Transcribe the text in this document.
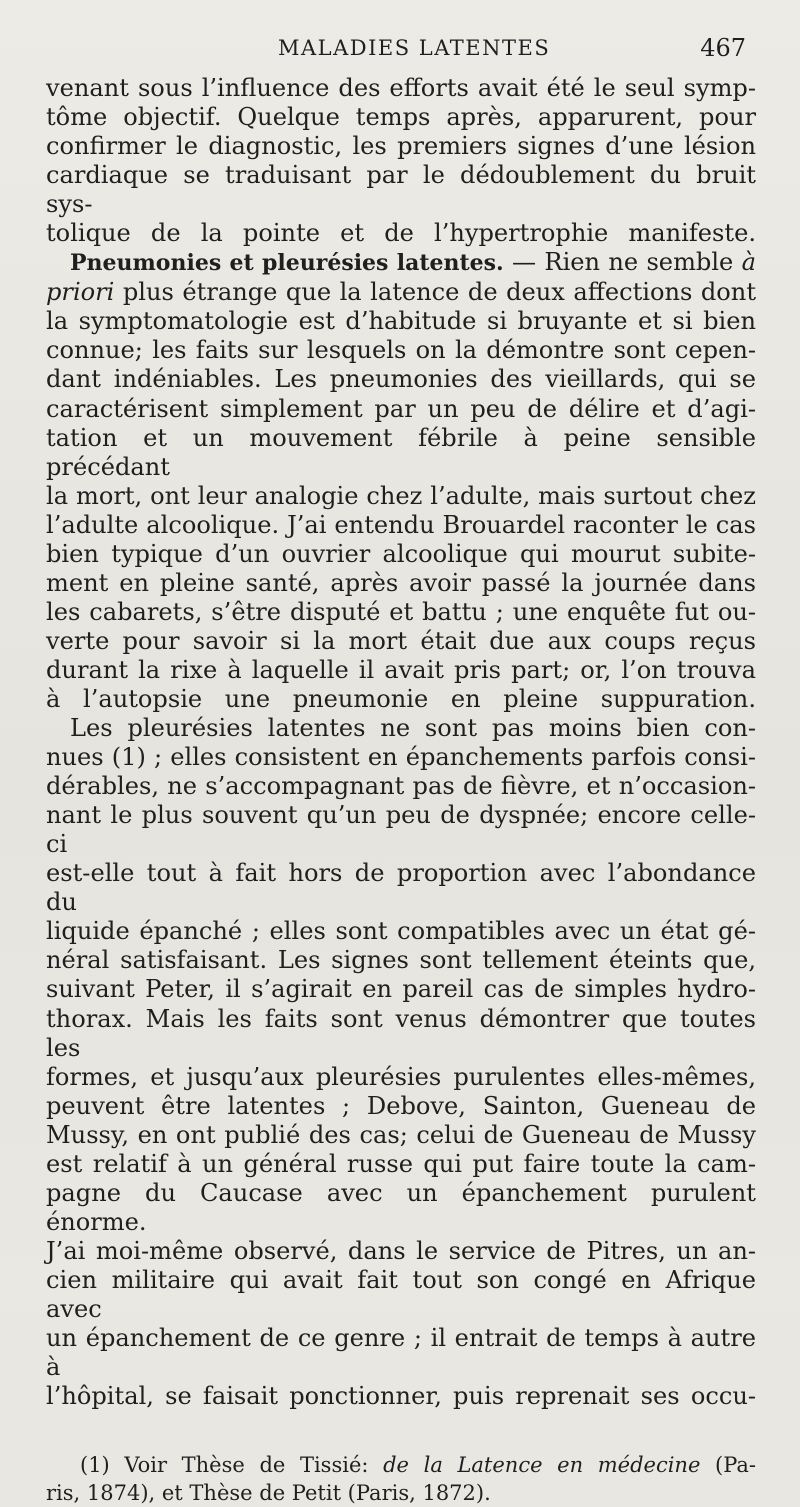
MALADIES LATENTES	467

venant sous l’influence des efforts avait été le seul symp-
tôme objectif. Quelque temps après, apparurent, pour
confirmer le diagnostic, les premiers signes d’une lésion
cardiaque se traduisant par le dédoublement du bruit sys-
tolique de la pointe et de l’hypertrophie manifeste.

Pneumonies et pleurésies latentes. — Rien ne semble à
priori plus étrange que la latence de deux affections dont
la symptomatologie est d’habitude si bruyante et si bien
connue; les faits sur lesquels on la démontre sont cepen-
dant indéniables. Les pneumonies des vieillards, qui se
caractérisent simplement par un peu de délire et d’agi-
tation et un mouvement fébrile à peine sensible précédant
la mort, ont leur analogie chez l’adulte, mais surtout chez
l’adulte alcoolique. J’ai entendu Brouardel raconter le cas
bien typique d’un ouvrier alcoolique qui mourut subite-
ment en pleine santé, après avoir passé la journée dans
les cabarets, s’être disputé et battu ; une enquête fut ou-
verte pour savoir si la mort était due aux coups reçus
durant la rixe à laquelle il avait pris part; or, l’on trouva
à l’autopsie une pneumonie en pleine suppuration.

Les pleurésies latentes ne sont pas moins bien con-
nues (1) ; elles consistent en épanchements parfois consi-
dérables, ne s’accompagnant pas de fièvre, et n’occasion-
nant le plus souvent qu’un peu de dyspnée; encore celle-ci
est-elle tout à fait hors de proportion avec l’abondance du
liquide épanché ; elles sont compatibles avec un état gé-
néral satisfaisant. Les signes sont tellement éteints que,
suivant Peter, il s’agirait en pareil cas de simples hydro-
thorax. Mais les faits sont venus démontrer que toutes les
formes, et jusqu’aux pleurésies purulentes elles-mêmes,
peuvent être latentes ; Debove, Sainton, Gueneau de
Mussy, en ont publié des cas; celui de Gueneau de Mussy
est relatif à un général russe qui put faire toute la cam-
pagne du Caucase avec un épanchement purulent énorme.
J’ai moi-même observé, dans le service de Pitres, un an-
cien militaire qui avait fait tout son congé en Afrique avec
un épanchement de ce genre ; il entrait de temps à autre à
l’hôpital, se faisait ponctionner, puis reprenait ses occu-

(1) Voir Thèse de Tissié: de la Latence en médecine (Pa-
ris, 1874), et Thèse de Petit (Paris, 1872).
